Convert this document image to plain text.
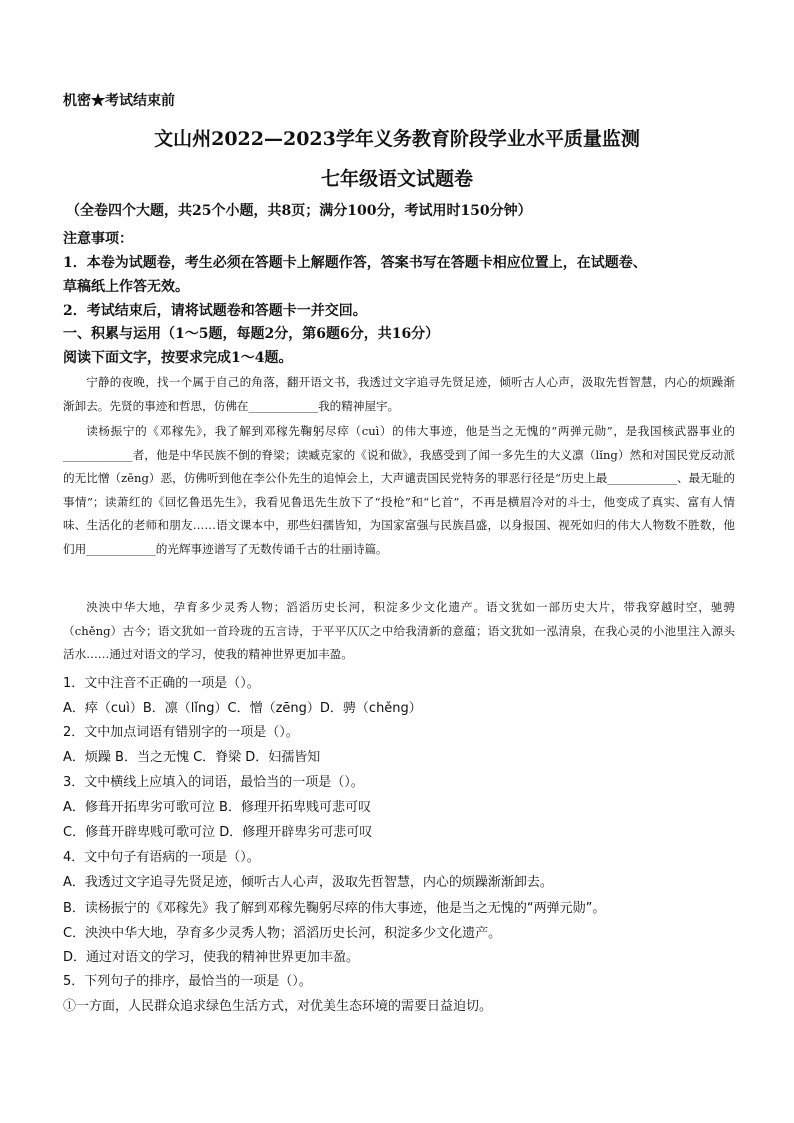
机密★考试结束前
文山州2022—2023学年义务教育阶段学业水平质量监测
七年级语文试题卷
（全卷四个大题，共25个小题，共8页；满分100分，考试用时150分钟）
注意事项：
1．本卷为试题卷，考生必须在答题卡上解题作答，答案书写在答题卡相应位置上，在试题卷、
草稿纸上作答无效。
2．考试结束后，请将试题卷和答题卡一并交回。
一、积累与运用（1～5题，每题2分，第6题6分，共16分）
阅读下面文字，按要求完成1～4题。
宁静的夜晚，找一个属于自己的角落，翻开语文书，我透过文字追寻先贤足迹，倾听古人心声，汲取先哲智慧，内心的烦躁渐渐卸去。先贤的事迹和哲思，仿佛在____________我的精神屋宇。
读杨振宁的《邓稼先》，我了解到邓稼先鞠躬尽瘁（cuì）的伟大事迹，他是当之无愧的“两弹元勋”，是我国核武器事业的____________者，他是中华民族不倒的脊梁；读臧克家的《说和做》，我感受到了闻一多先生的大义凛（lǐng）然和对国民党反动派的无比憎（zēng）恶，仿佛听到他在李公仆先生的追悼会上，大声谴责国民党特务的罪恶行径是“历史上最____________、最无耻的事情”；读萧红的《回忆鲁迅先生》，我看见鲁迅先生放下了“投枪”和“匕首”，不再是横眉冷对的斗士，他变成了真实、富有人情味、生活化的老师和朋友……语文课本中，那些妇孺皆知，为国家富强与民族昌盛，以身报国、视死如归的伟大人物数不胜数，他们用____________的光辉事迹谱写了无数传诵千古的壮丽诗篇。
泱泱中华大地，孕育多少灵秀人物；滔滔历史长河，积淀多少文化遗产。语文犹如一部历史大片，带我穿越时空，驰骋（chěng）古今；语文犹如一首玲珑的五言诗，于平平仄仄之中给我清新的意蕴；语文犹如一泓清泉，在我心灵的小池里注入源头活水……通过对语文的学习，使我的精神世界更加丰盈。
1．文中注音不正确的一项是（）。
A．瘁（cuì）B．凛（lǐng）C．憎（zēng）D．骋（chěng）
2．文中加点词语有错别字的一项是（）。
A．烦躁 B．当之无愧 C．脊梁 D．妇孺皆知
3．文中横线上应填入的词语，最恰当的一项是（）。
A．修葺开拓卑劣可歌可泣 B．修理开拓卑贱可悲可叹
C．修葺开辟卑贱可歌可泣 D．修理开辟卑劣可悲可叹
4．文中句子有语病的一项是（）。
A．我透过文字追寻先贤足迹，倾听古人心声，汲取先哲智慧，内心的烦躁渐渐卸去。
B．读杨振宁的《邓稼先》我了解到邓稼先鞠躬尽瘁的伟大事迹，他是当之无愧的“两弹元勋”。
C．泱泱中华大地，孕育多少灵秀人物；滔滔历史长河，积淀多少文化遗产。
D．通过对语文的学习，使我的精神世界更加丰盈。
5．下列句子的排序，最恰当的一项是（）。
①一方面，人民群众追求绿色生活方式，对优美生态环境的需要日益迫切。
